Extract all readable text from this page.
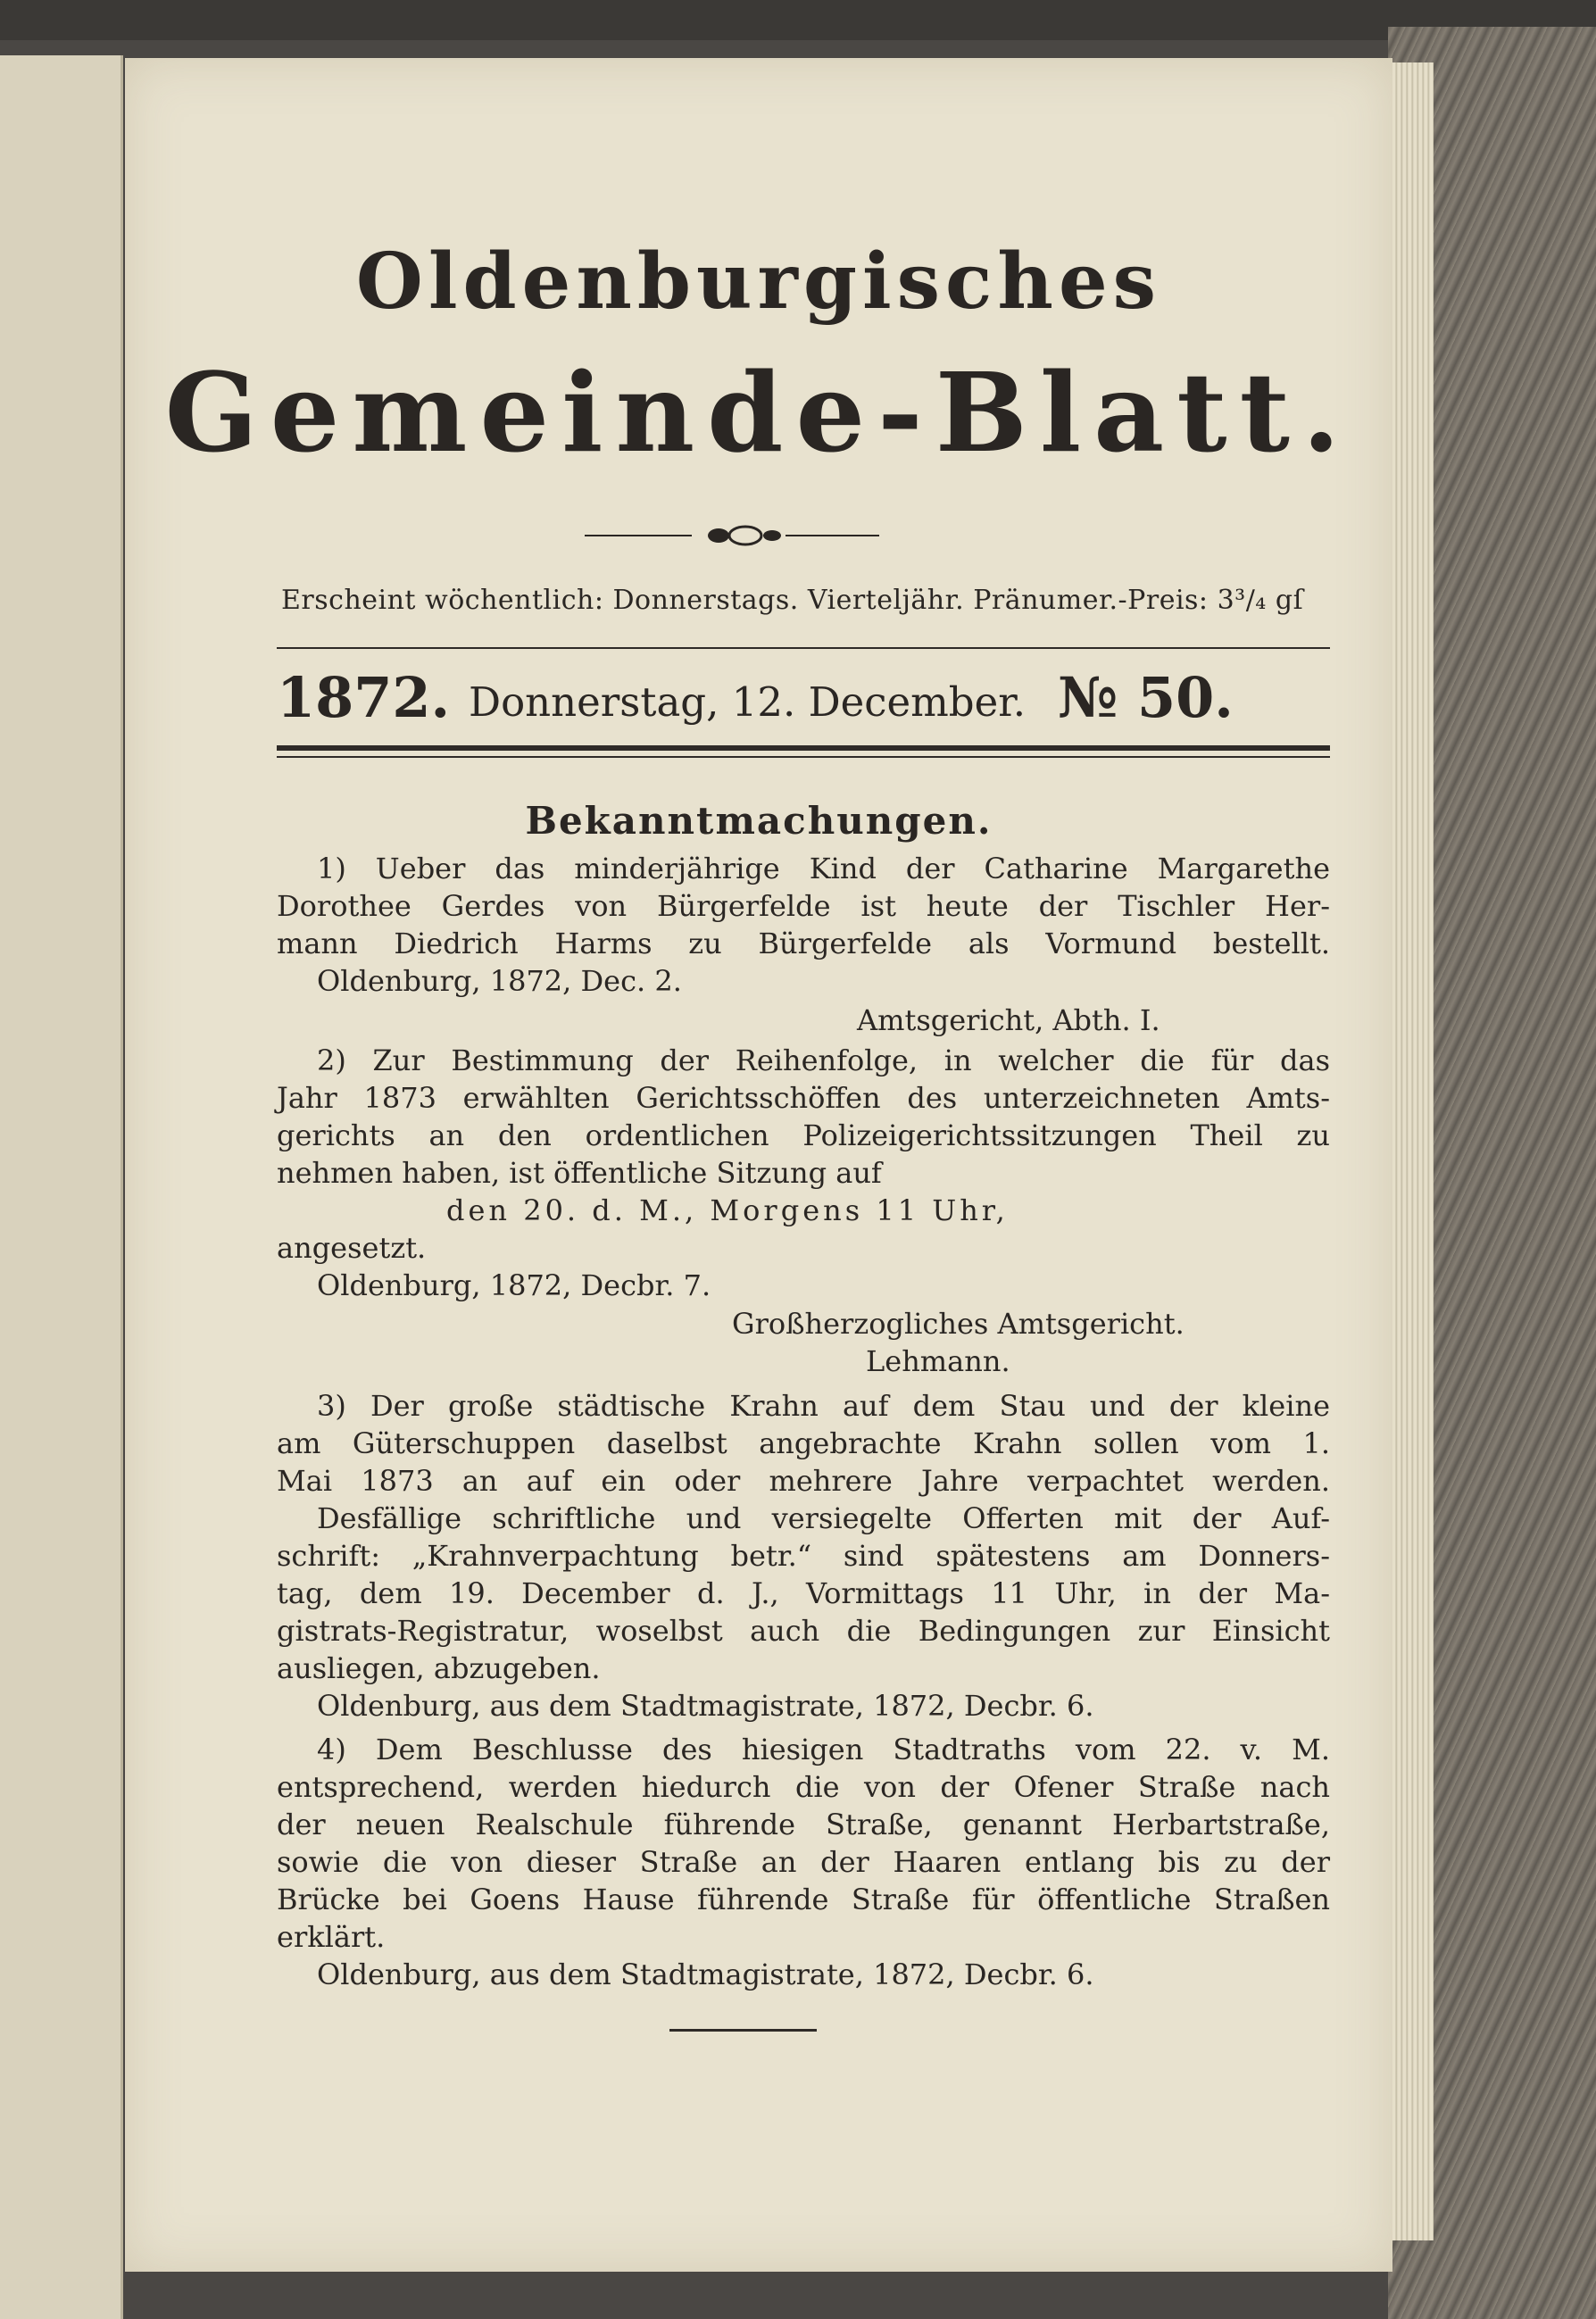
Oldenburgisches
Gemeinde-Blatt.
Erscheint wöchentlich: Donnerstags. Vierteljähr. Pränumer.-Preis: 3³/₄ gſ
1872. Donnerstag, 12. December. № 50.
Bekanntmachungen.
1) Ueber das minderjährige Kind der Catharine Margarethe
Dorothee Gerdes von Bürgerfelde ist heute der Tischler Her-
mann Diedrich Harms zu Bürgerfelde als Vormund bestellt.
Oldenburg, 1872, Dec. 2.
Amtsgericht, Abth. I.
2) Zur Bestimmung der Reihenfolge, in welcher die für das
Jahr 1873 erwählten Gerichtsschöffen des unterzeichneten Amts-
gerichts an den ordentlichen Polizeigerichtssitzungen Theil zu
nehmen haben, ist öffentliche Sitzung auf
den 20. d. M., Morgens 11 Uhr,
angesetzt.
Oldenburg, 1872, Decbr. 7.
Großherzogliches Amtsgericht.
Lehmann.
3) Der große städtische Krahn auf dem Stau und der kleine
am Güterschuppen daselbst angebrachte Krahn sollen vom 1.
Mai 1873 an auf ein oder mehrere Jahre verpachtet werden.
Desfällige schriftliche und versiegelte Offerten mit der Auf-
schrift: „Krahnverpachtung betr.“ sind spätestens am Donners-
tag, dem 19. December d. J., Vormittags 11 Uhr, in der Ma-
gistrats-Registratur, woselbst auch die Bedingungen zur Einsicht
ausliegen, abzugeben.
Oldenburg, aus dem Stadtmagistrate, 1872, Decbr. 6.
4) Dem Beschlusse des hiesigen Stadtraths vom 22. v. M.
entsprechend, werden hiedurch die von der Ofener Straße nach
der neuen Realschule führende Straße, genannt Herbartstraße,
sowie die von dieser Straße an der Haaren entlang bis zu der
Brücke bei Goens Hause führende Straße für öffentliche Straßen
erklärt.
Oldenburg, aus dem Stadtmagistrate, 1872, Decbr. 6.
